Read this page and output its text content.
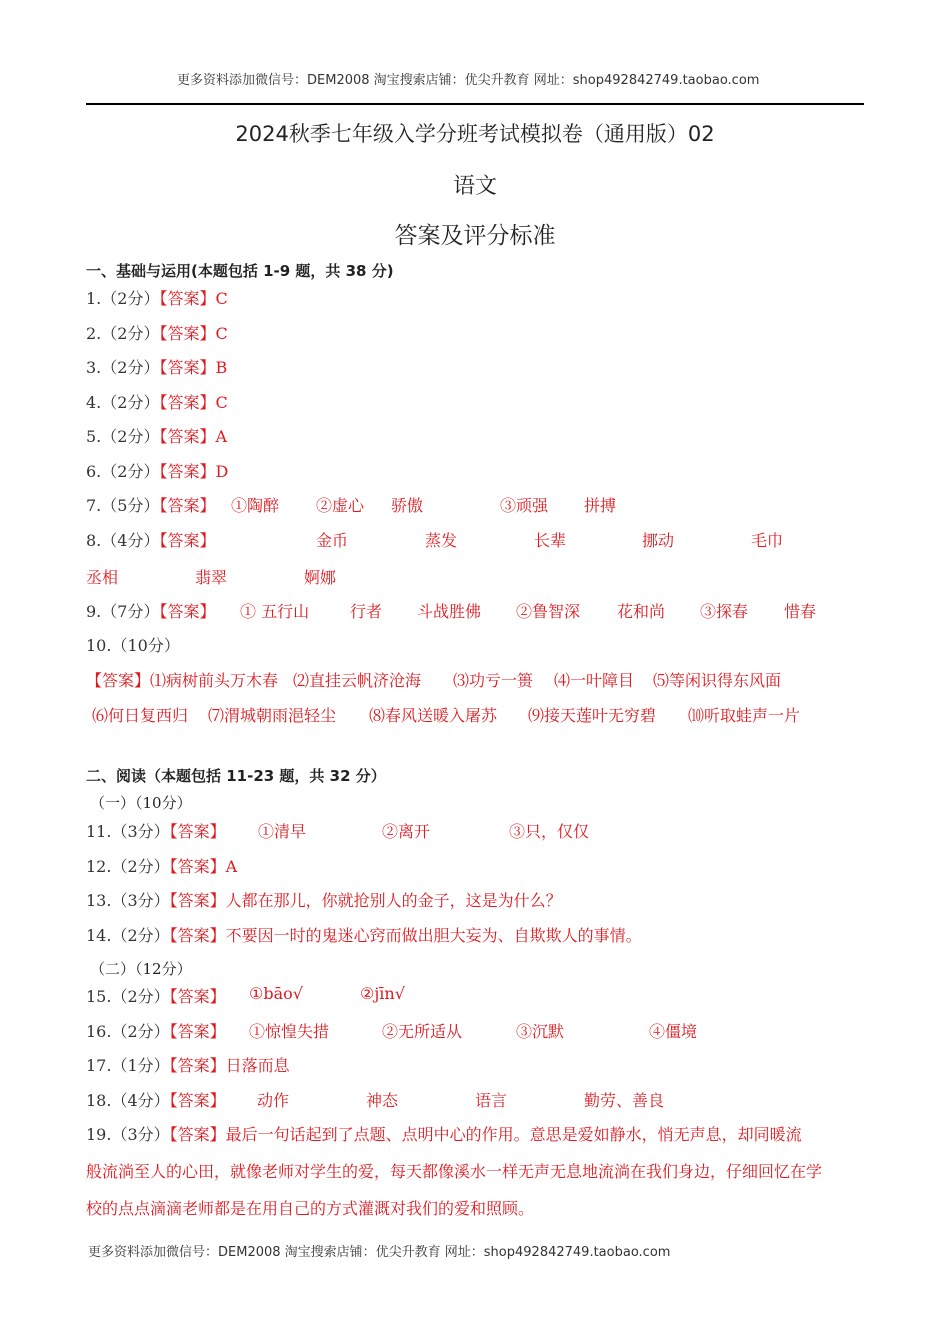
更多资料添加微信号：DEM2008 淘宝搜索店铺：优尖升教育 网址：shop492842749.taobao.com
2024秋季七年级入学分班考试模拟卷（通用版）02
语文
答案及评分标准
一、基础与运用(本题包括 1-9 题，共 38 分)
1.（2分）【答案】C
2.（2分）【答案】C
3.（2分）【答案】B
4.（2分）【答案】C
5.（2分）【答案】A
6.（2分）【答案】D
7.（5分）【答案】 ①陶醉 ②虚心 骄傲	③顽强 拼搏
8.（4分）【答案】	金币	蒸发	长辈	挪动	毛巾
丞相	翡翠	婀娜
9.（7分）【答案】 ① 五行山	行者 斗战胜佛 ②鲁智深 花和尚 ③探春 惜春
10.（10分）
【答案】 ⑴病树前头万木春 ⑵直挂云帆济沧海 ⑶功亏一篑 ⑷一叶障目 ⑸等闲识得东风面
⑹何日复西归 ⑺渭城朝雨浥轻尘 ⑻春风送暖入屠苏 ⑼接天莲叶无穷碧 ⑽听取蛙声一片
二、阅读（本题包括 11-23 题，共 32 分）
（一）（10分）
11.（3分）【答案】 ①清早	②离开	③只，仅仅
12.（2分）【答案】A
13.（3分）【答案】人都在那儿，你就抢别人的金子，这是为什么？
14.（2分）【答案】不要因一时的鬼迷心窍而做出胆大妄为、自欺欺人的事情。
（二）（12分）
15.（2分）【答案】 ①bāo√	②jīn√
16.（2分）【答案】 ①惊惶失措	②无所适从	③沉默	④僵境
17.（1分）【答案】日落而息
18.（4分）【答案】 动作	神态	语言	勤劳、善良
19.（3分）【答案】最后一句话起到了点题、点明中心的作用。意思是爱如静水，悄无声息，却同暖流
般流淌至人的心田，就像老师对学生的爱，每天都像溪水一样无声无息地流淌在我们身边，仔细回忆在学
校的点点滴滴老师都是在用自己的方式灌溉对我们的爱和照顾。
更多资料添加微信号：DEM2008 淘宝搜索店铺：优尖升教育 网址：shop492842749.taobao.com
